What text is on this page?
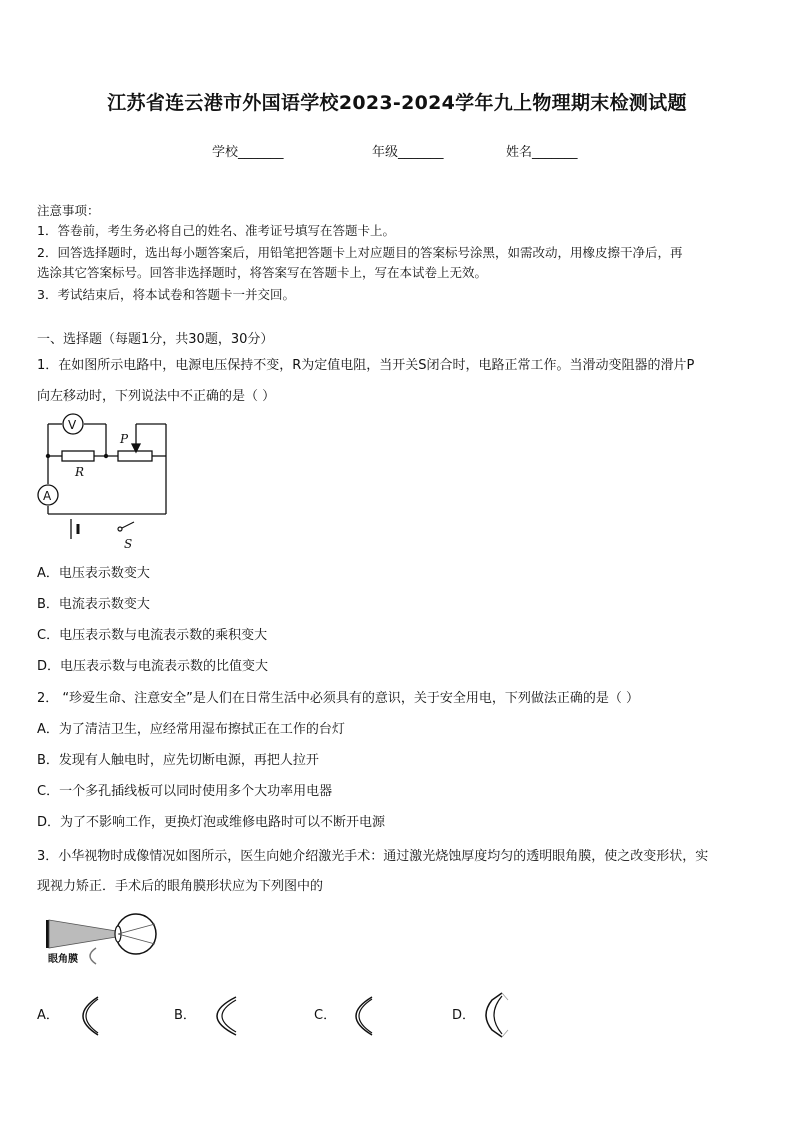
江苏省连云港市外国语学校2023-2024学年九上物理期末检测试题
学校_______	年级_______	姓名_______
注意事项：
1．答卷前，考生务必将自己的姓名、准考证号填写在答题卡上。
2．回答选择题时，选出每小题答案后，用铅笔把答题卡上对应题目的答案标号涂黑，如需改动，用橡皮擦干净后，再
选涂其它答案标号。回答非选择题时，将答案写在答题卡上，写在本试卷上无效。
3．考试结束后，将本试卷和答题卡一并交回。
一、选择题（每题1分，共30题，30分）
1．在如图所示电路中，电源电压保持不变，R为定值电阻，当开关S闭合时，电路正常工作。当滑动变阻器的滑片P
向左移动时，下列说法中不正确的是（ ）
V
A
P
R
S
A．电压表示数变大
B．电流表示数变大
C．电压表示数与电流表示数的乘积变大
D．电压表示数与电流表示数的比值变大
2． “珍爱生命、注意安全”是人们在日常生活中必须具有的意识，关于安全用电，下列做法正确的是（ ）
A．为了清洁卫生，应经常用湿布擦拭正在工作的台灯
B．发现有人触电时，应先切断电源，再把人拉开
C．一个多孔插线板可以同时使用多个大功率用电器
D．为了不影响工作，更换灯泡或维修电路时可以不断开电源
3．小华视物时成像情况如图所示，医生向她介绍激光手术：通过激光烧蚀厚度均匀的透明眼角膜，使之改变形状，实
现视力矫正．手术后的眼角膜形状应为下列图中的
眼角膜
A．	B．	C．	D．
